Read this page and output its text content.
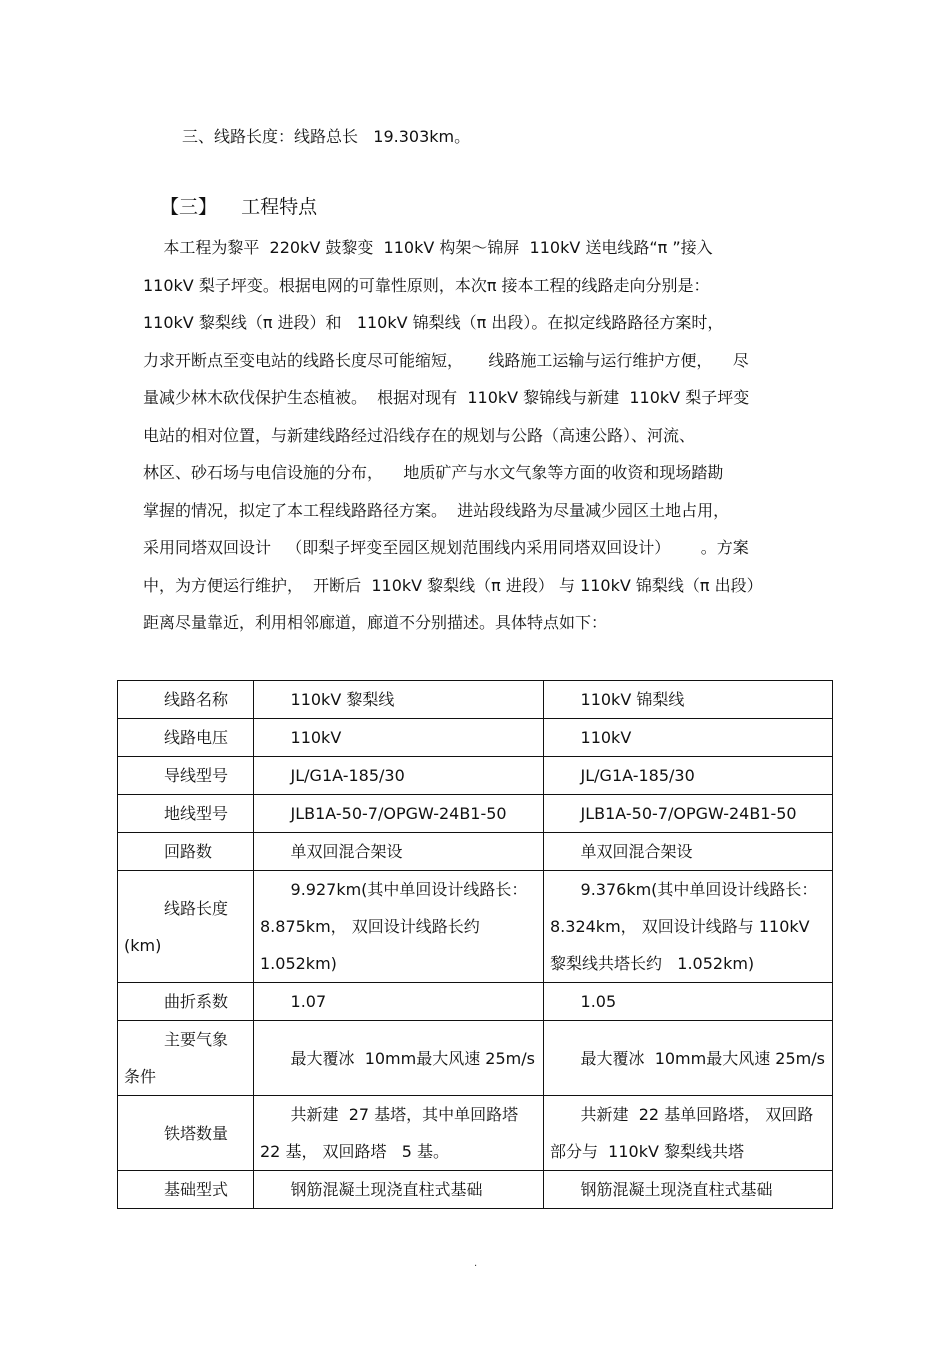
三、线路长度：线路总长   19.303km。
【三】    工程特点
本工程为黎平  220kV 鼓黎变  110kV 构架～锦屏  110kV 送电线路“π ”接入
110kV 梨子坪变。根据电网的可靠性原则，本次π 接本工程的线路走向分别是：
110kV 黎梨线（π 进段）和   110kV 锦梨线（π 出段）。在拟定线路路径方案时，
力求开断点至变电站的线路长度尽可能缩短，     线路施工运输与运行维护方便，    尽
量减少林木砍伐保护生态植被。  根据对现有  110kV 黎锦线与新建  110kV 梨子坪变
电站的相对位置，与新建线路经过沿线存在的规划与公路（高速公路）、河流、
林区、砂石场与电信设施的分布，    地质矿产与水文气象等方面的收资和现场踏勘
掌握的情况，拟定了本工程线路路径方案。  进站段线路为尽量减少园区土地占用，
采用同塔双回设计   （即梨子坪变至园区规划范围线内采用同塔双回设计）      。方案
中，为方便运行维护，  开断后  110kV 黎梨线（π 进段） 与 110kV 锦梨线（π 出段）
距离尽量靠近，利用相邻廊道，廊道不分别描述。具体特点如下：
线路名称	110kV 黎梨线	110kV 锦梨线

线路电压	110kV	110kV

导线型号	JL/G1A-185/30	JL/G1A-185/30

地线型号	JLB1A-50-7/OPGW-24B1-50	JLB1A-50-7/OPGW-24B1-50

回路数	单双回混合架设	单双回混合架设

线路长度
(km)	9.927km(其中单回设计线路长：  8.875km， 双回设计线路长约  1.052km)	9.376km(其中单回设计线路长：  8.324km， 双回设计线路与 110kV 黎梨线共塔长约   1.052km)

曲折系数	1.07	1.05

主要气象
条件	最大覆冰  10mm最大风速 25m/s	最大覆冰  10mm最大风速 25m/s

铁塔数量	共新建  27 基塔，其中单回路塔 22 基， 双回路塔   5 基。	共新建  22 基单回路塔， 双回路部分与  110kV 黎梨线共塔

基础型式	钢筋混凝土现浇直柱式基础	钢筋混凝土现浇直柱式基础
.
